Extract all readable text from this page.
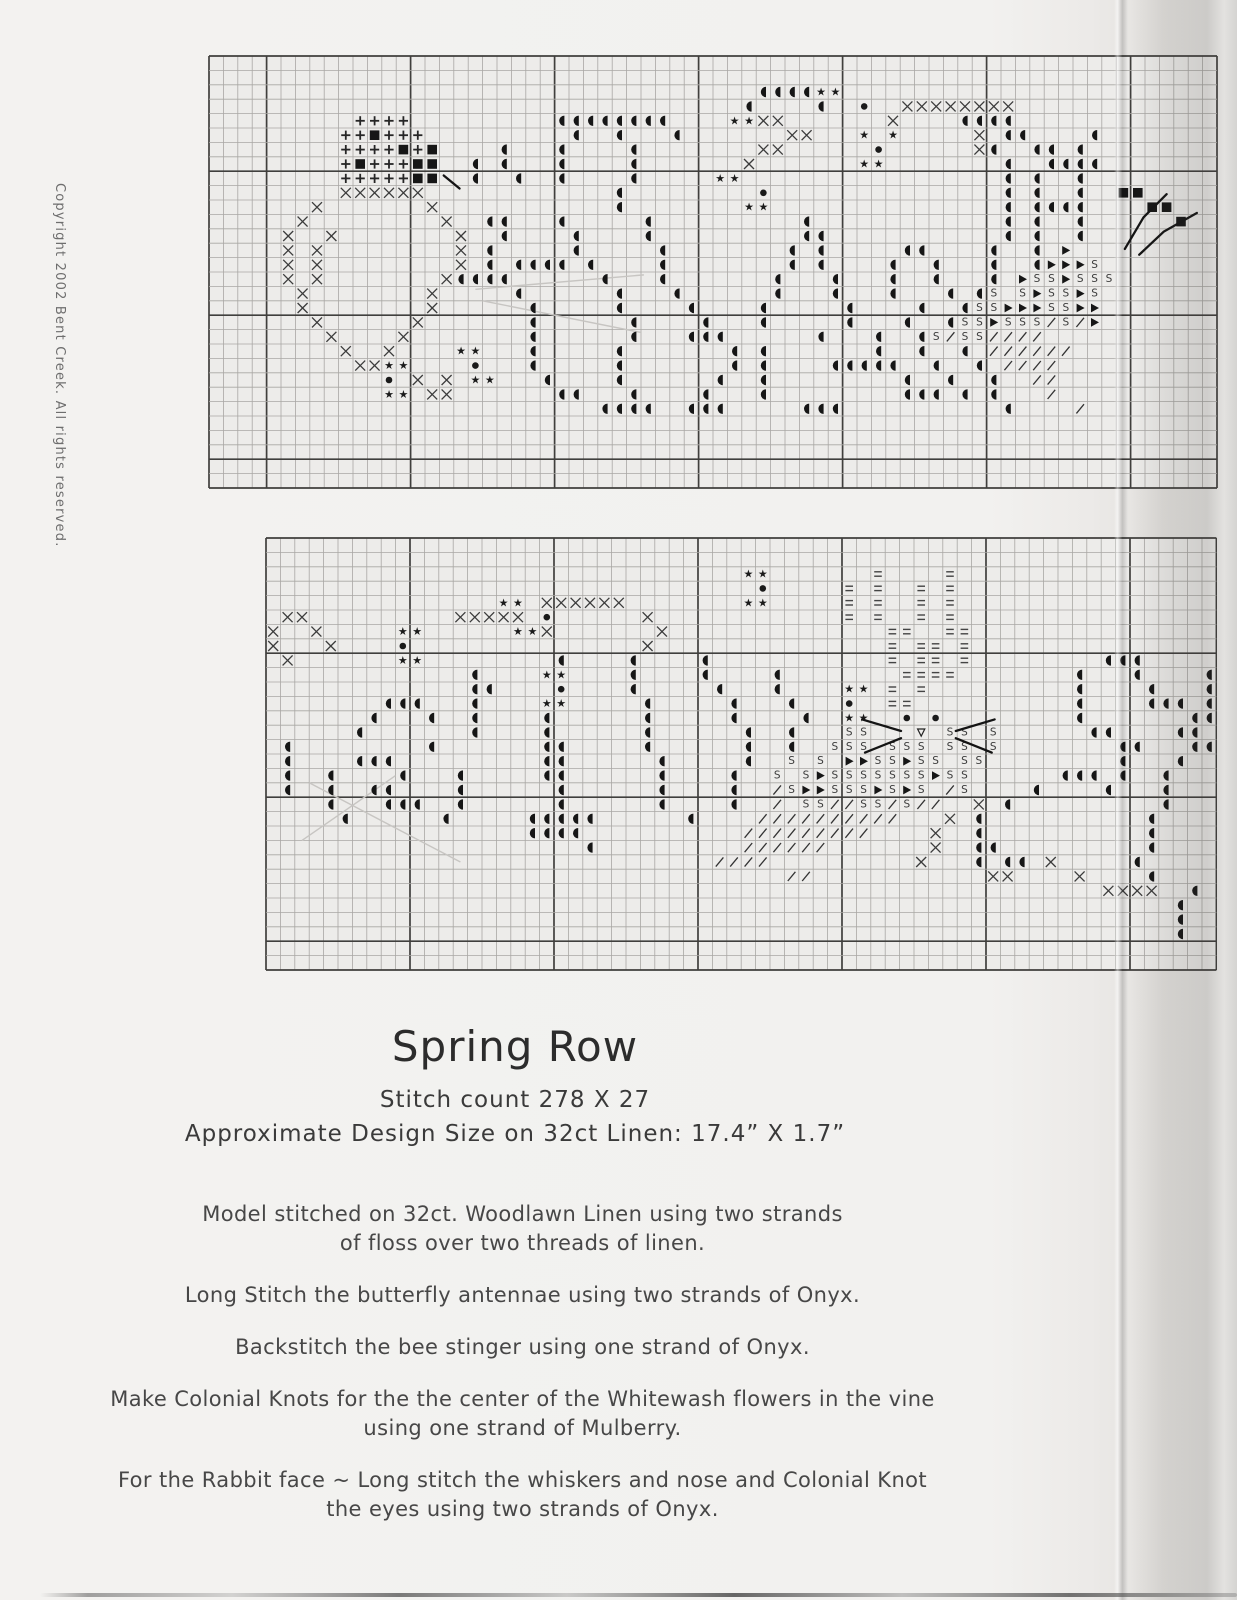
Copyright 2002 Bent Creek. All rights reserved.
★ ★
★ ★
★ ★
★ ★
★ ★
★ ★
S
S S S S S
S S S S S
S S	S S
S S S S S S
S S S
★ ★
★ ★
★ ★
★ ★
★ ★
★ ★	★ ★
★ ★	★ ★
★ ★
★ ★
★ ★
★ ★
★ ★
S S	S S S
S S S S S S S S S
S S	S S S S S S
S S S S S S S S S S S
S	S S S S S	S
S S	S S S
Spring Row
Stitch count 278 X 27
Approximate Design Size on 32ct Linen: 17.4” X 1.7”
Model stitched on 32ct. Woodlawn Linen using two strands
of floss over two threads of linen.
Long Stitch the butterfly antennae using two strands of Onyx.
Backstitch the bee stinger using one strand of Onyx.
Make Colonial Knots for the the center of the Whitewash flowers in the vine
using one strand of Mulberry.
For the Rabbit face ~ Long stitch the whiskers and nose and Colonial Knot
the eyes using two strands of Onyx.
